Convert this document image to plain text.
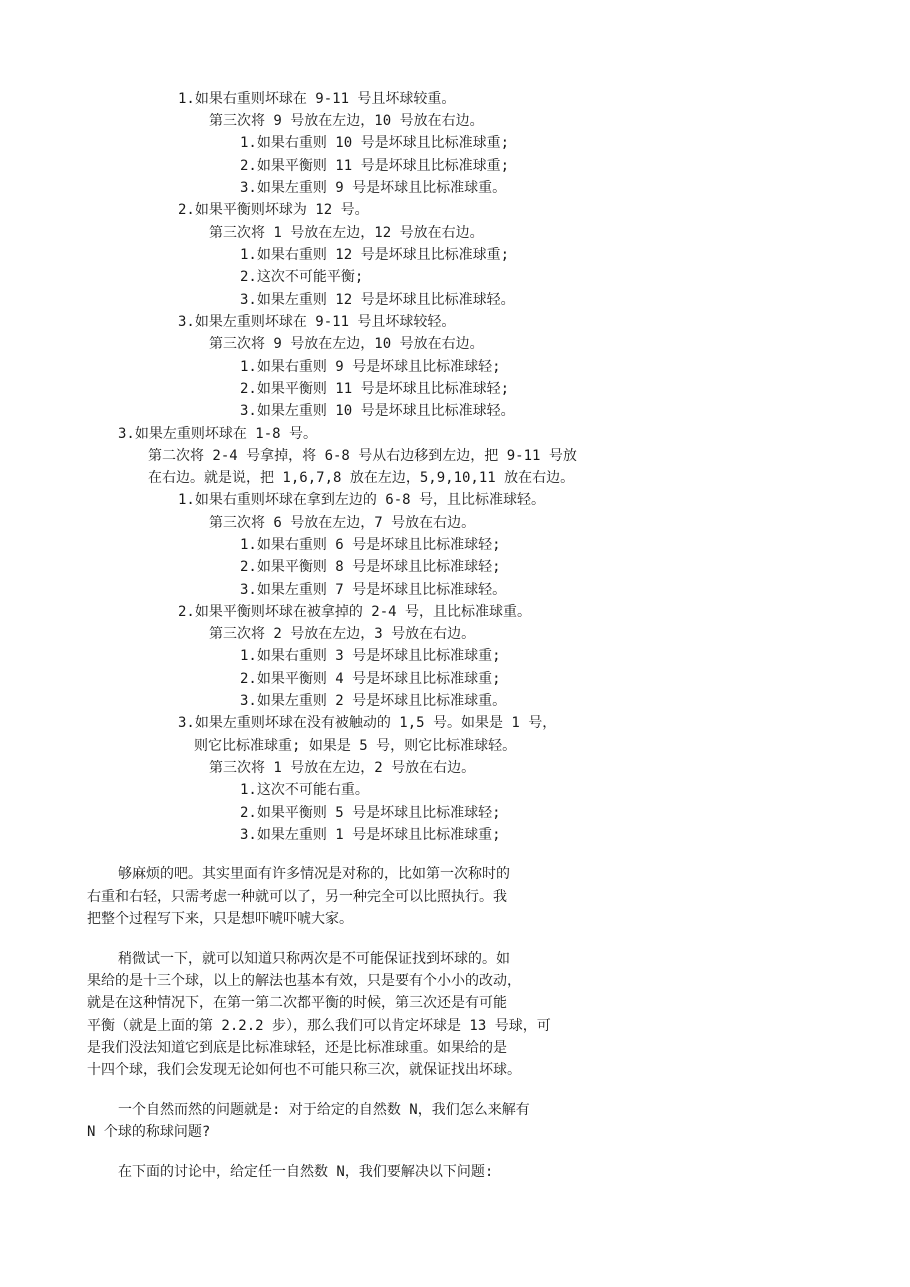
1.如果右重则坏球在 9-11 号且坏球较重。
第三次将 9 号放在左边，10 号放在右边。
1.如果右重则 10 号是坏球且比标准球重;
2.如果平衡则 11 号是坏球且比标准球重;
3.如果左重则 9 号是坏球且比标准球重。
2.如果平衡则坏球为 12 号。
第三次将 1 号放在左边，12 号放在右边。
1.如果右重则 12 号是坏球且比标准球重;
2.这次不可能平衡;
3.如果左重则 12 号是坏球且比标准球轻。
3.如果左重则坏球在 9-11 号且坏球较轻。
第三次将 9 号放在左边，10 号放在右边。
1.如果右重则 9 号是坏球且比标准球轻;
2.如果平衡则 11 号是坏球且比标准球轻;
3.如果左重则 10 号是坏球且比标准球轻。
3.如果左重则坏球在 1-8 号。
第二次将 2-4 号拿掉，将 6-8 号从右边移到左边，把 9-11 号放
在右边。就是说，把 1,6,7,8 放在左边，5,9,10,11 放在右边。
1.如果右重则坏球在拿到左边的 6-8 号，且比标准球轻。
第三次将 6 号放在左边，7 号放在右边。
1.如果右重则 6 号是坏球且比标准球轻;
2.如果平衡则 8 号是坏球且比标准球轻;
3.如果左重则 7 号是坏球且比标准球轻。
2.如果平衡则坏球在被拿掉的 2-4 号，且比标准球重。
第三次将 2 号放在左边，3 号放在右边。
1.如果右重则 3 号是坏球且比标准球重;
2.如果平衡则 4 号是坏球且比标准球重;
3.如果左重则 2 号是坏球且比标准球重。
3.如果左重则坏球在没有被触动的 1,5 号。如果是 1 号，
则它比标准球重; 如果是 5 号，则它比标准球轻。
第三次将 1 号放在左边，2 号放在右边。
1.这次不可能右重。
2.如果平衡则 5 号是坏球且比标准球轻;
3.如果左重则 1 号是坏球且比标准球重;
够麻烦的吧。其实里面有许多情况是对称的，比如第一次称时的
右重和右轻，只需考虑一种就可以了，另一种完全可以比照执行。我
把整个过程写下来，只是想吓唬吓唬大家。
稍微试一下，就可以知道只称两次是不可能保证找到坏球的。如
果给的是十三个球，以上的解法也基本有效，只是要有个小小的改动，
就是在这种情况下，在第一第二次都平衡的时候，第三次还是有可能
平衡（就是上面的第 2.2.2 步），那么我们可以肯定坏球是 13 号球，可
是我们没法知道它到底是比标准球轻，还是比标准球重。如果给的是
十四个球，我们会发现无论如何也不可能只称三次，就保证找出坏球。
一个自然而然的问题就是: 对于给定的自然数 N，我们怎么来解有
N 个球的称球问题?
在下面的讨论中，给定任一自然数 N，我们要解决以下问题:
